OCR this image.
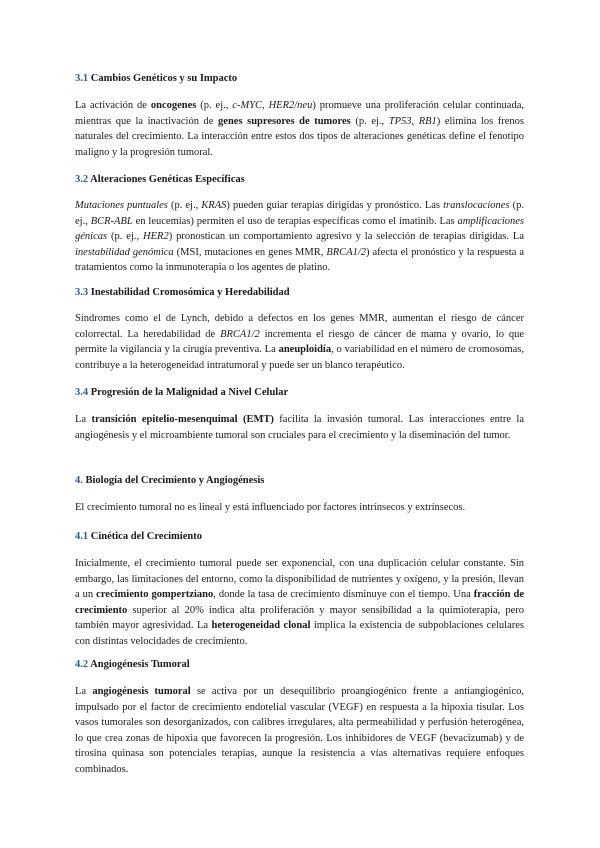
3.1 Cambios Genéticos y su Impacto

La activación de oncogenes (p. ej., c-MYC, HER2/neu) promueve una proliferación celular continuada, mientras que la inactivación de genes supresores de tumores (p. ej., TP53, RB1) elimina los frenos naturales del crecimiento. La interacción entre estos dos tipos de alteraciones genéticas define el fenotipo maligno y la progresión tumoral.

3.2 Alteraciones Genéticas Específicas

Mutaciones puntuales (p. ej., KRAS) pueden guiar terapias dirigidas y pronóstico. Las translocaciones (p. ej., BCR-ABL en leucemias) permiten el uso de terapias específicas como el imatinib. Las amplificaciones génicas (p. ej., HER2) pronostican un comportamiento agresivo y la selección de terapias dirigidas. La inestabilidad genómica (MSI, mutaciones en genes MMR, BRCA1/2) afecta el pronóstico y la respuesta a tratamientos como la inmunoterapia o los agentes de platino.

3.3 Inestabilidad Cromosómica y Heredabilidad

Síndromes como el de Lynch, debido a defectos en los genes MMR, aumentan el riesgo de cáncer colorrectal. La heredabilidad de BRCA1/2 incrementa el riesgo de cáncer de mama y ovario, lo que permite la vigilancia y la cirugía preventiva. La aneuploidía, o variabilidad en el número de cromosomas, contribuye a la heterogeneidad intratumoral y puede ser un blanco terapéutico.

3.4 Progresión de la Malignidad a Nivel Celular

La transición epitelio-mesenquimal (EMT) facilita la invasión tumoral. Las interacciones entre la angiogénesis y el microambiente tumoral son cruciales para el crecimiento y la diseminación del tumor.

4. Biología del Crecimiento y Angiogénesis

El crecimiento tumoral no es lineal y está influenciado por factores intrínsecos y extrínsecos.

4.1 Cinética del Crecimiento

Inicialmente, el crecimiento tumoral puede ser exponencial, con una duplicación celular constante. Sin embargo, las limitaciones del entorno, como la disponibilidad de nutrientes y oxígeno, y la presión, llevan a un crecimiento gompertziano, donde la tasa de crecimiento disminuye con el tiempo. Una fracción de crecimiento superior al 20% indica alta proliferación y mayor sensibilidad a la quimioterapia, pero también mayor agresividad. La heterogeneidad clonal implica la existencia de subpoblaciones celulares con distintas velocidades de crecimiento.

4.2 Angiogénesis Tumoral

La angiogénesis tumoral se activa por un desequilibrio proangiogénico frente a antiangiogénico, impulsado por el factor de crecimiento endotelial vascular (VEGF) en respuesta a la hipoxia tisular. Los vasos tumorales son desorganizados, con calibres irregulares, alta permeabilidad y perfusión heterogénea, lo que crea zonas de hipoxia que favorecen la progresión. Los inhibidores de VEGF (bevacizumab) y de tirosina quinasa son potenciales terapias, aunque la resistencia a vías alternativas requiere enfoques combinados.
